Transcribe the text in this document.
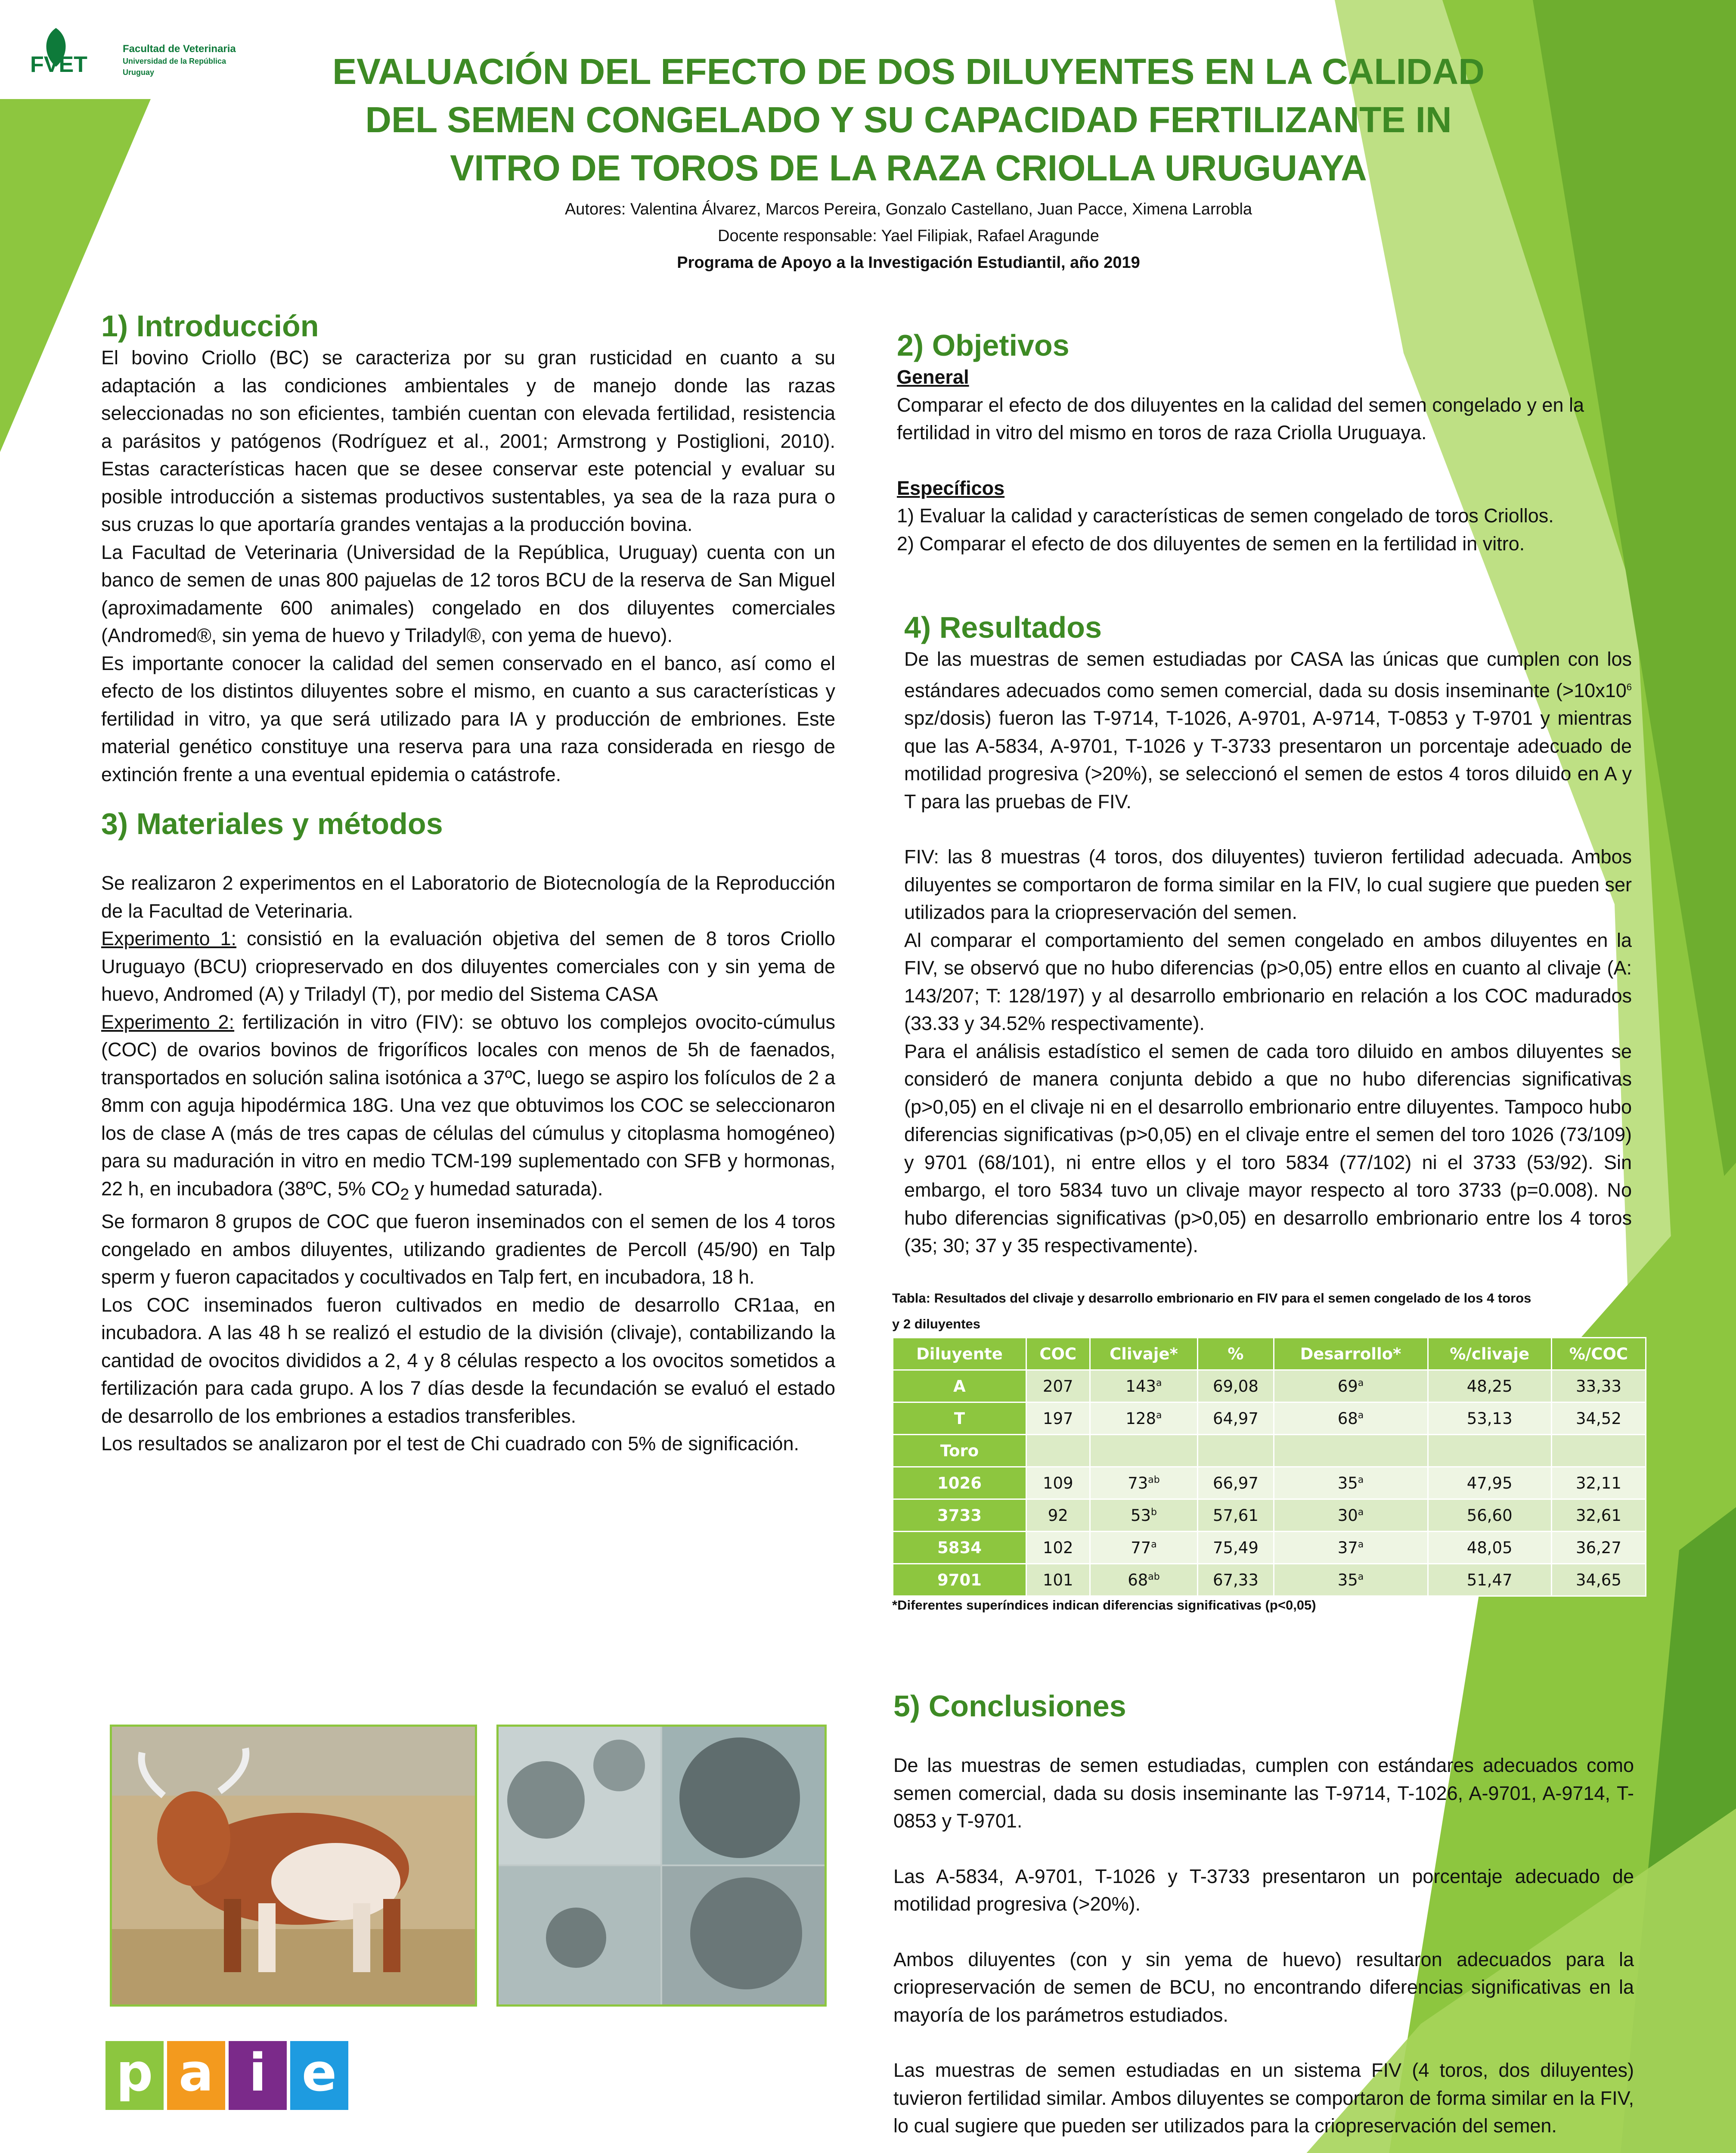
FVET
Facultad de Veterinaria
Universidad de la República
Uruguay	EVALUACIÓN DEL EFECTO DE DOS DILUYENTES EN LA CALIDAD
DEL SEMEN CONGELADO Y SU CAPACIDAD FERTILIZANTE IN
VITRO DE TOROS DE LA RAZA CRIOLLA URUGUAYA
Autores: Valentina Álvarez, Marcos Pereira, Gonzalo Castellano, Juan Pacce, Ximena Larrobla
Docente responsable: Yael Filipiak, Rafael Aragunde
Programa de Apoyo a la Investigación Estudiantil, año 2019
1) Introducción

El bovino Criollo (BC) se caracteriza por su gran rusticidad en cuanto a su adaptación a las condiciones ambientales y de manejo donde las razas seleccionadas no son eficientes, también cuentan con elevada fertilidad, resistencia a parásitos y patógenos (Rodríguez et al., 2001; Armstrong y Postiglioni, 2010). Estas características hacen que se desee conservar este potencial y evaluar su posible introducción a sistemas productivos sustentables, ya sea de la raza pura o sus cruzas lo que aportaría grandes ventajas a la producción bovina.

La Facultad de Veterinaria (Universidad de la República, Uruguay) cuenta con un banco de semen de unas 800 pajuelas de 12 toros BCU de la reserva de San Miguel (aproximadamente 600 animales) congelado en dos diluyentes comerciales (Andromed®, sin yema de huevo y Triladyl®, con yema de huevo).

Es importante conocer la calidad del semen conservado en el banco, así como el efecto de los distintos diluyentes sobre el mismo, en cuanto a sus características y fertilidad in vitro, ya que será utilizado para IA y producción de embriones. Este material genético constituye una reserva para una raza considerada en riesgo de extinción frente a una eventual epidemia o catástrofe.

3) Materiales y métodos

Se realizaron 2 experimentos en el Laboratorio de Biotecnología de la Reproducción de la Facultad de Veterinaria.

Experimento 1: consistió en la evaluación objetiva del semen de 8 toros Criollo Uruguayo (BCU) criopreservado en dos diluyentes comerciales con y sin yema de huevo, Andromed (A) y Triladyl (T), por medio del Sistema CASA

Experimento 2: fertilización in vitro (FIV): se obtuvo los complejos ovocito-cúmulus (COC) de ovarios bovinos de frigoríficos locales con menos de 5h de faenados, transportados en solución salina isotónica a 37ºC, luego se aspiro los folículos de 2 a 8mm con aguja hipodérmica 18G. Una vez que obtuvimos los COC se seleccionaron los de clase A (más de tres capas de células del cúmulus y citoplasma homogéneo) para su maduración in vitro en medio TCM-199 suplementado con SFB y hormonas, 22 h, en incubadora (38ºC, 5% $CO_2$ y humedad saturada).

Se formaron 8 grupos de COC que fueron inseminados con el semen de los 4 toros congelado en ambos diluyentes, utilizando gradientes de Percoll (45/90) en Talp sperm y fueron capacitados y cocultivados en Talp fert, en incubadora, 18 h.

Los COC inseminados fueron cultivados en medio de desarrollo CR1aa, en incubadora. A las 48 h se realizó el estudio de la división (clivaje), contabilizando la cantidad de ovocitos divididos a 2, 4 y 8 células respecto a los ovocitos sometidos a fertilización para cada grupo. A los 7 días desde la fecundación se evaluó el estado de desarrollo de los embriones a estadios transferibles.

Los resultados se analizaron por el test de Chi cuadrado con 5% de significación.

p a i e
2) Objetivos

General

Comparar el efecto de dos diluyentes en la calidad del semen congelado y en la fertilidad in vitro del mismo en toros de raza Criolla Uruguaya.

Específicos

1) Evaluar la calidad y características de semen congelado de toros Criollos.

2) Comparar el efecto de dos diluyentes de semen en la fertilidad in vitro.

4) Resultados

De las muestras de semen estudiadas por CASA las únicas que cumplen con los estándares adecuados como semen comercial, dada su dosis inseminante ($>10x10^6$ spz/dosis) fueron las T-9714, T-1026, A-9701, A-9714, T-0853 y T-9701 y mientras que las A-5834, A-9701, T-1026 y T-3733 presentaron un porcentaje adecuado de motilidad progresiva (>20%), se seleccionó el semen de estos 4 toros diluido en A y T para las pruebas de FIV.

FIV: las 8 muestras (4 toros, dos diluyentes) tuvieron fertilidad adecuada. Ambos diluyentes se comportaron de forma similar en la FIV, lo cual sugiere que pueden ser utilizados para la criopreservación del semen.

Al comparar el comportamiento del semen congelado en ambos diluyentes en la FIV, se observó que no hubo diferencias (p>0,05) entre ellos en cuanto al clivaje (A: 143/207; T: 128/197) y al desarrollo embrionario en relación a los COC madurados (33.33 y 34.52% respectivamente).

Para el análisis estadístico el semen de cada toro diluido en ambos diluyentes se consideró de manera conjunta debido a que no hubo diferencias significativas (p>0,05) en el clivaje ni en el desarrollo embrionario entre diluyentes. Tampoco hubo diferencias significativas (p>0,05) en el clivaje entre el semen del toro 1026 (73/109) y 9701 (68/101), ni entre ellos y el toro 5834 (77/102) ni el 3733 (53/92). Sin embargo, el toro 5834 tuvo un clivaje mayor respecto al toro 3733 (p=0.008). No hubo diferencias significativas (p>0,05) en desarrollo embrionario entre los 4 toros (35; 30; 37 y 35 respectivamente).

Tabla: Resultados del clivaje y desarrollo embrionario en FIV para el semen congelado de los 4 toros
y 2 diluyentes
Diluyente	COC	Clivaje*	%	Desarrollo*	%/clivaje	%/COC
A	207	143$^a$	69,08	69$^a$	48,25	33,33
T	197	128$^a$	64,97	68$^a$	53,13	34,52
Toro						
1026	109	$73^{ab}$	66,97	35$^a$	47,95	32,11
3733	92	53$^b$	57,61	30$^a$	56,60	32,61
5834	102	77$^a$	75,49	37$^a$	48,05	36,27
9701	101	$68^{ab}$	67,33	35$^a$	51,47	34,65
*Diferentes superíndices indican diferencias significativas (p<0,05)
5) Conclusiones

De las muestras de semen estudiadas, cumplen con estándares adecuados como semen comercial, dada su dosis inseminante las T-9714, T-1026, A-9701, A-9714, T-0853 y T-9701.

Las A-5834, A-9701, T-1026 y T-3733 presentaron un porcentaje adecuado de motilidad progresiva (>20%).

Ambos diluyentes (con y sin yema de huevo) resultaron adecuados para la criopreservación de semen de BCU, no encontrando diferencias significativas en la mayoría de los parámetros estudiados.

Las muestras de semen estudiadas en un sistema FIV (4 toros, dos diluyentes) tuvieron fertilidad similar. Ambos diluyentes se comportaron de forma similar en la FIV, lo cual sugiere que pueden ser utilizados para la criopreservación del semen.
